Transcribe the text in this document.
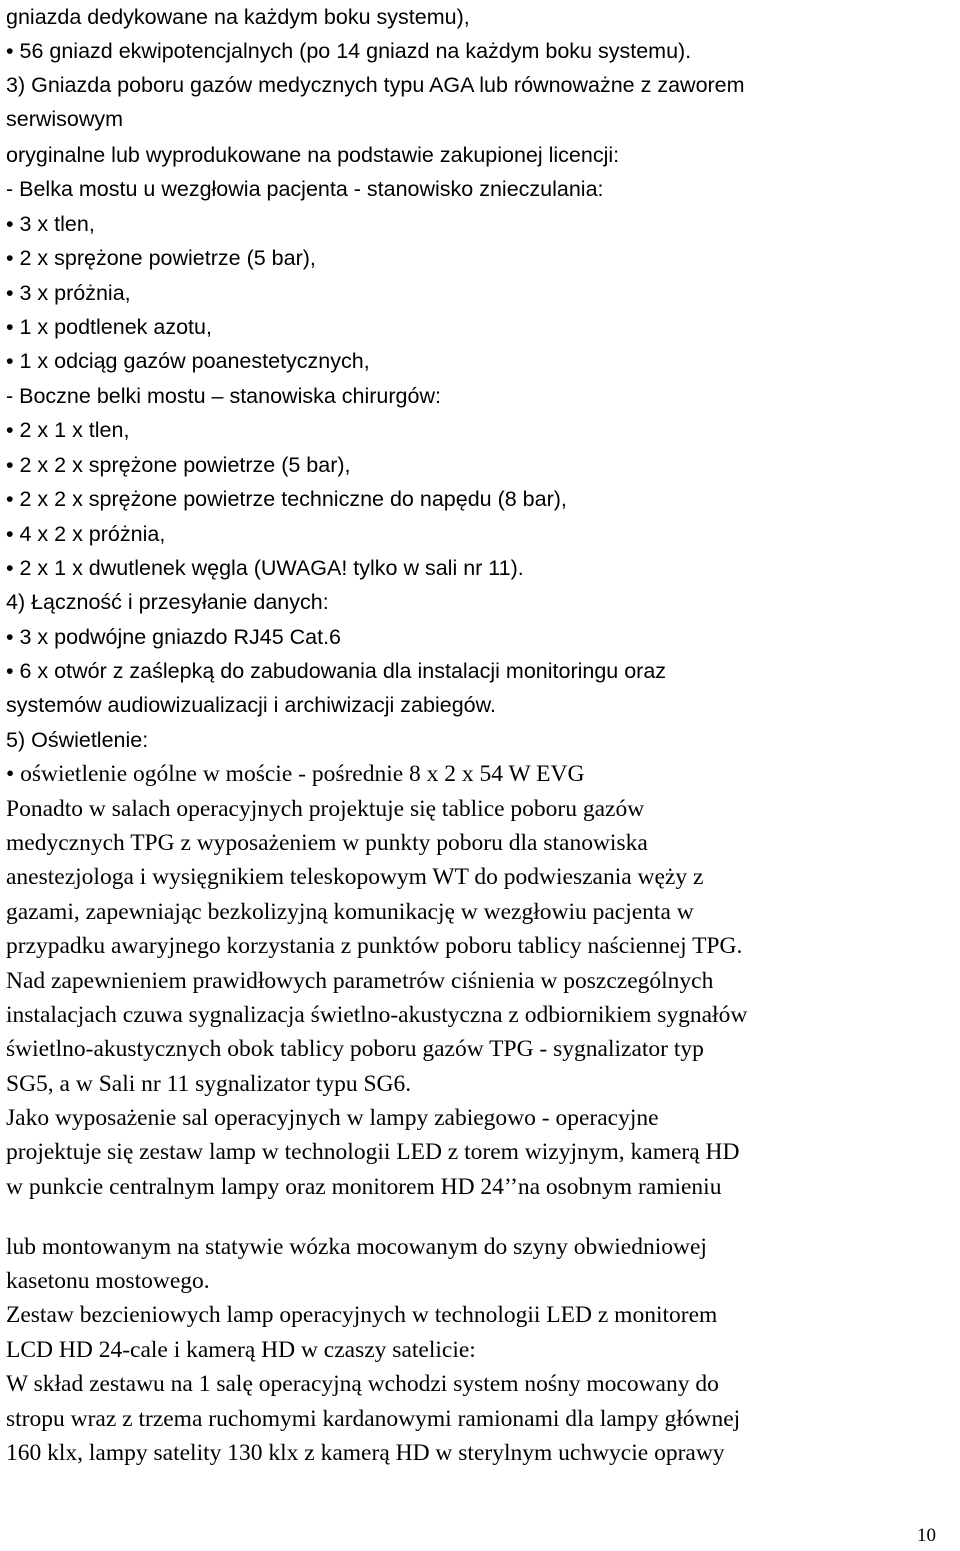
gniazda dedykowane na każdym boku systemu),

• 56 gniazd ekwipotencjalnych (po 14 gniazd na każdym boku systemu).

3) Gniazda poboru gazów medycznych typu AGA lub równoważne z zaworem

serwisowym

oryginalne lub wyprodukowane na podstawie zakupionej licencji:

- Belka mostu u wezgłowia pacjenta - stanowisko znieczulania:

• 3 x tlen,

• 2 x sprężone powietrze (5 bar),

• 3 x próżnia,

• 1 x podtlenek azotu,

• 1 x odciąg gazów poanestetycznych,

- Boczne belki mostu – stanowiska chirurgów:

• 2 x 1 x tlen,

• 2 x 2 x sprężone powietrze (5 bar),

• 2 x 2 x sprężone powietrze techniczne do napędu (8 bar),

• 4 x 2 x próżnia,

• 2 x 1 x dwutlenek węgla (UWAGA! tylko w sali nr 11).

4) Łączność i przesyłanie danych:

• 3 x podwójne gniazdo RJ45 Cat.6

• 6 x otwór z zaślepką do zabudowania dla instalacji monitoringu oraz

systemów audiowizualizacji i archiwizacji zabiegów.

5) Oświetlenie:

• oświetlenie ogólne w moście - pośrednie 8 x 2 x 54 W EVG

Ponadto w salach operacyjnych projektuje się tablice poboru gazów

medycznych TPG z wyposażeniem w punkty poboru dla stanowiska

anestezjologa i wysięgnikiem teleskopowym WT do podwieszania węży z

gazami, zapewniając bezkolizyjną komunikację w wezgłowiu pacjenta w

przypadku awaryjnego korzystania z punktów poboru tablicy naściennej TPG.

Nad zapewnieniem prawidłowych parametrów ciśnienia w poszczególnych

instalacjach czuwa sygnalizacja świetlno-akustyczna z odbiornikiem sygnałów

świetlno-akustycznych obok tablicy poboru gazów TPG - sygnalizator typ

SG5, a w Sali nr 11 sygnalizator typu SG6.

Jako wyposażenie sal operacyjnych w lampy zabiegowo - operacyjne

projektuje się zestaw lamp w technologii LED z torem wizyjnym, kamerą HD

w punkcie centralnym lampy oraz monitorem HD 24’’na osobnym ramieniu

lub montowanym na statywie wózka mocowanym do szyny obwiedniowej

kasetonu mostowego.

Zestaw bezcieniowych lamp operacyjnych w technologii LED z monitorem

LCD HD 24-cale i kamerą HD w czaszy satelicie:

W skład zestawu na 1 salę operacyjną wchodzi system nośny mocowany do

stropu wraz z trzema ruchomymi kardanowymi ramionami dla lampy głównej

160 klx, lampy satelity 130 klx z kamerą HD w sterylnym uchwycie oprawy

10
